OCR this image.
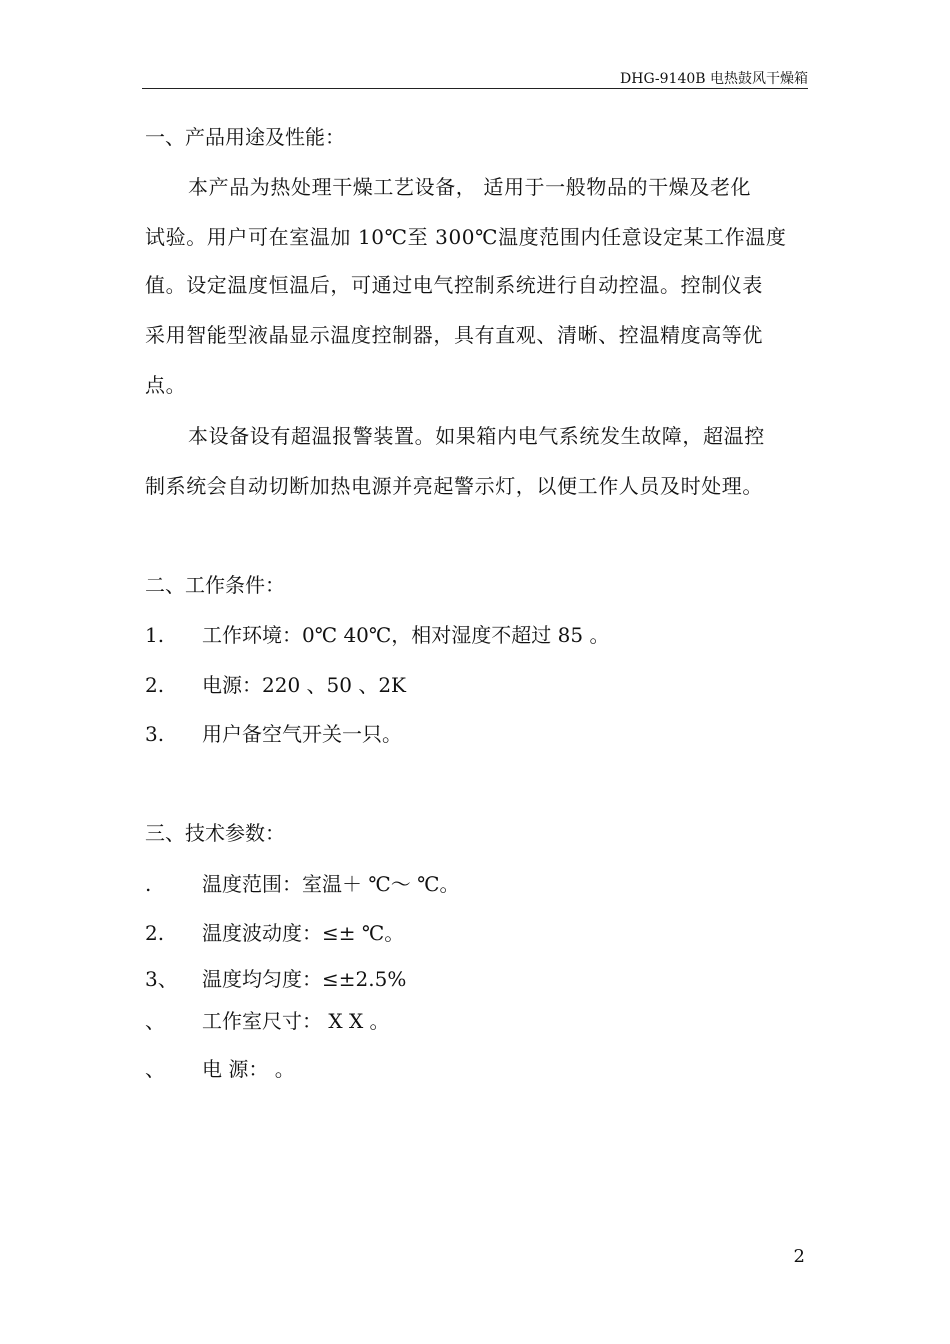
DHG-9140B 电热鼓风干燥箱
一、产品用途及性能：
本产品为热处理干燥工艺设备， 适用于一般物品的干燥及老化
试验。用户可在室温加 10℃至 300℃温度范围内任意设定某工作温度
值。设定温度恒温后，可通过电气控制系统进行自动控温。控制仪表
采用智能型液晶显示温度控制器，具有直观、清晰、控温精度高等优
点。
本设备设有超温报警装置。如果箱内电气系统发生故障，超温控
制系统会自动切断加热电源并亮起警示灯，以便工作人员及时处理。
二、工作条件：
1. 工作环境：0℃ 40℃，相对湿度不超过 85 。
2. 电源：220 、50 、2K
3. 用户备空气开关一只。
三、技术参数：
.	温度范围：室温＋ ℃～ ℃。
2. 温度波动度：≤± ℃。
3、 温度均匀度：≤±2.5%
、 工作室尺寸： X X 。
、 电 源： 。
2
